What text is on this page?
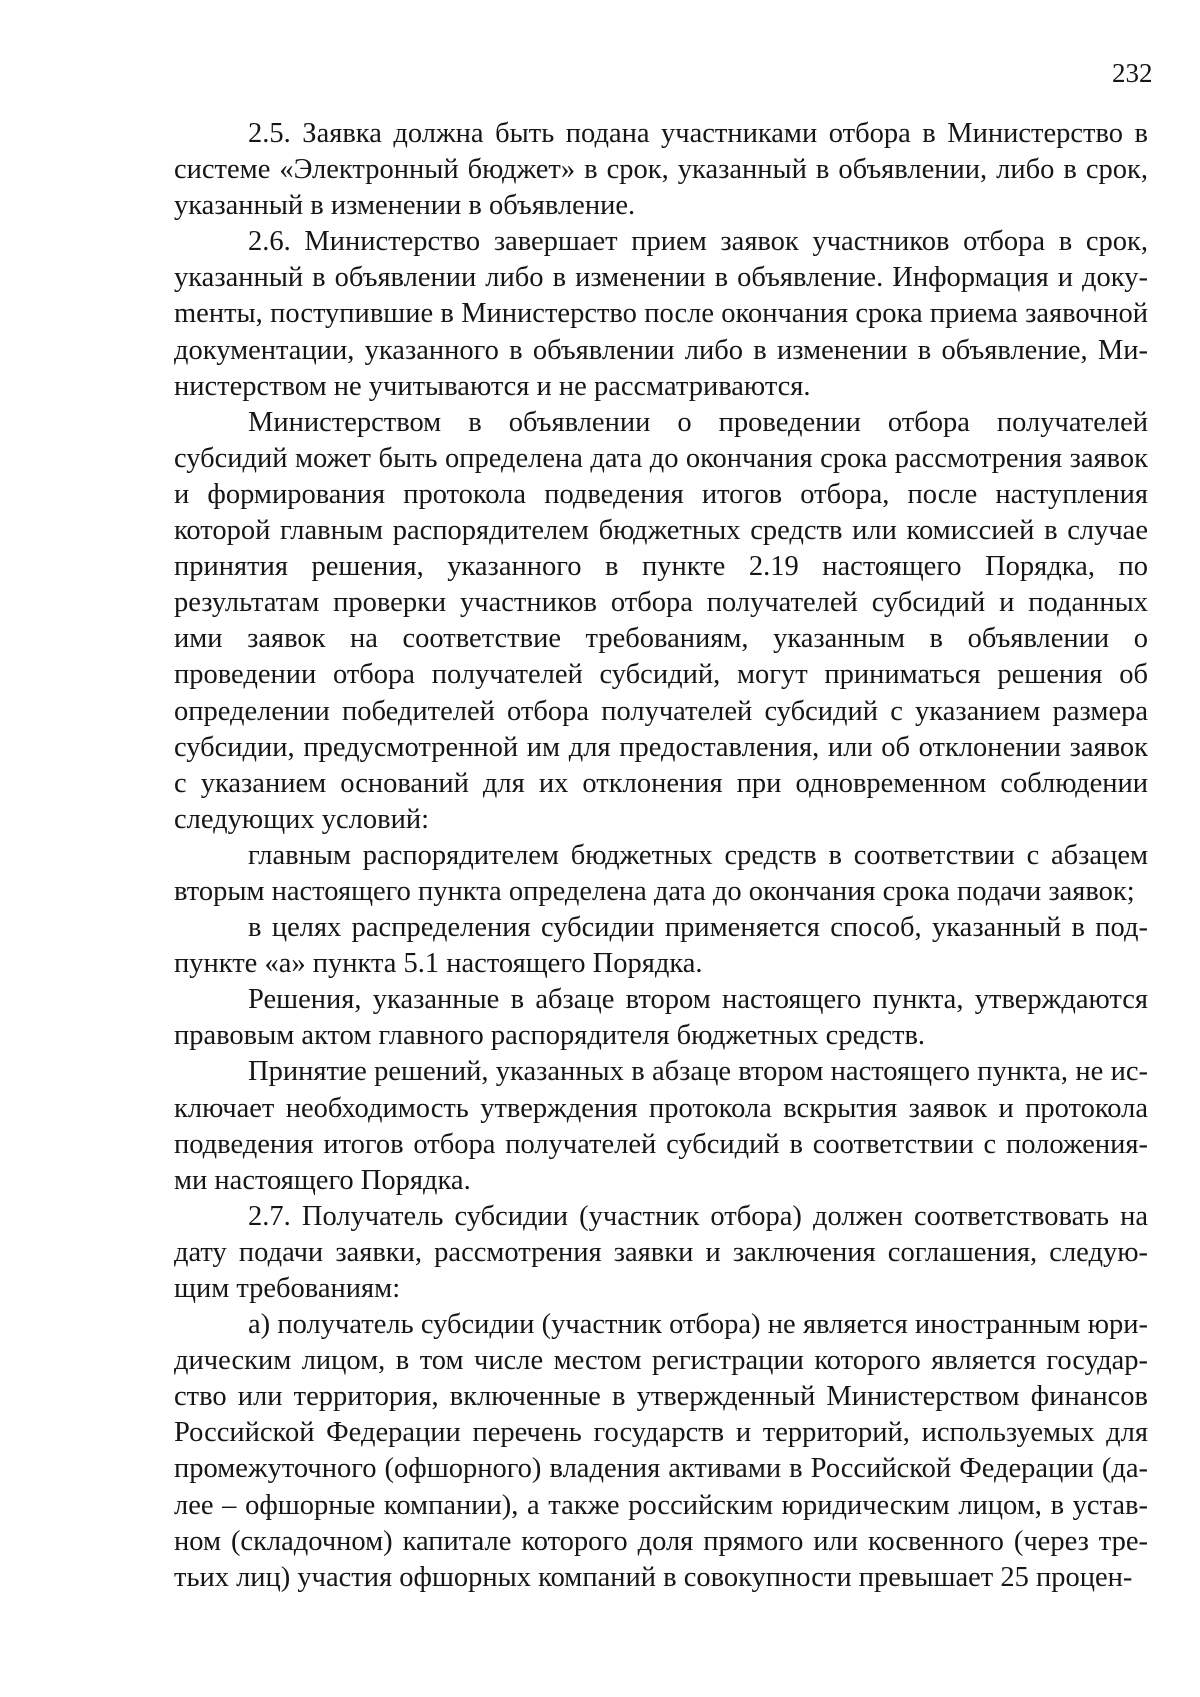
232

2.5. Заявка должна быть подана участниками отбора в Министерство в системе «Электронный бюджет» в срок, указанный в объявлении, либо в срок, указанный в изменении в объявление.

2.6. Министерство завершает прием заявок участников отбора в срок, указанный в объявлении либо в изменении в объявление. Информация и докуmенты, поступившие в Министерство после окончания срока приема заявочной документации, указанного в объявлении либо в изменении в объявление, Министерством не учитываются и не рассматриваются.

Министерством в объявлении о проведении отбора получателей субсидий может быть определена дата до окончания срока рассмотрения заявок и формирования протокола подведения итогов отбора, после наступления которой главным распорядителем бюджетных средств или комиссией в случае принятия решения, указанного в пункте 2.19 настоящего Порядка, по результатам проверки участников отбора получателей субсидий и поданных ими заявок на соответствие требованиям, указанным в объявлении о проведении отбора получателей субсидий, могут приниматься решения об определении победителей отбора получателей субсидий с указанием размера субсидии, предусмотренной им для предоставления, или об отклонении заявок с указанием оснований для их отклонения при одновременном соблюдении следующих условий:

главным распорядителем бюджетных средств в соответствии с абзацем вторым настоящего пункта определена дата до окончания срока подачи заявок;

в целях распределения субсидии применяется способ, указанный в подпункте «а» пункта 5.1 настоящего Порядка.

Решения, указанные в абзаце втором настоящего пункта, утверждаются правовым актом главного распорядителя бюджетных средств.

Принятие решений, указанных в абзаце втором настоящего пункта, не исключает необходимость утверждения протокола вскрытия заявок и протокола подведения итогов отбора получателей субсидий в соответствии с положениями настоящего Порядка.

2.7. Получатель субсидии (участник отбора) должен соответствовать на дату подачи заявки, рассмотрения заявки и заключения соглашения, следующим требованиям:

а) получатель субсидии (участник отбора) не является иностранным юридическим лицом, в том числе местом регистрации которого является государство или территория, включенные в утвержденный Министерством финансов Российской Федерации перечень государств и территорий, используемых для промежуточного (офшорного) владения активами в Российской Федерации (далее – офшорные компании), а также российским юридическим лицом, в уставном (складочном) капитале которого доля прямого или косвенного (через третьих лиц) участия офшорных компаний в совокупности превышает 25 процен-
